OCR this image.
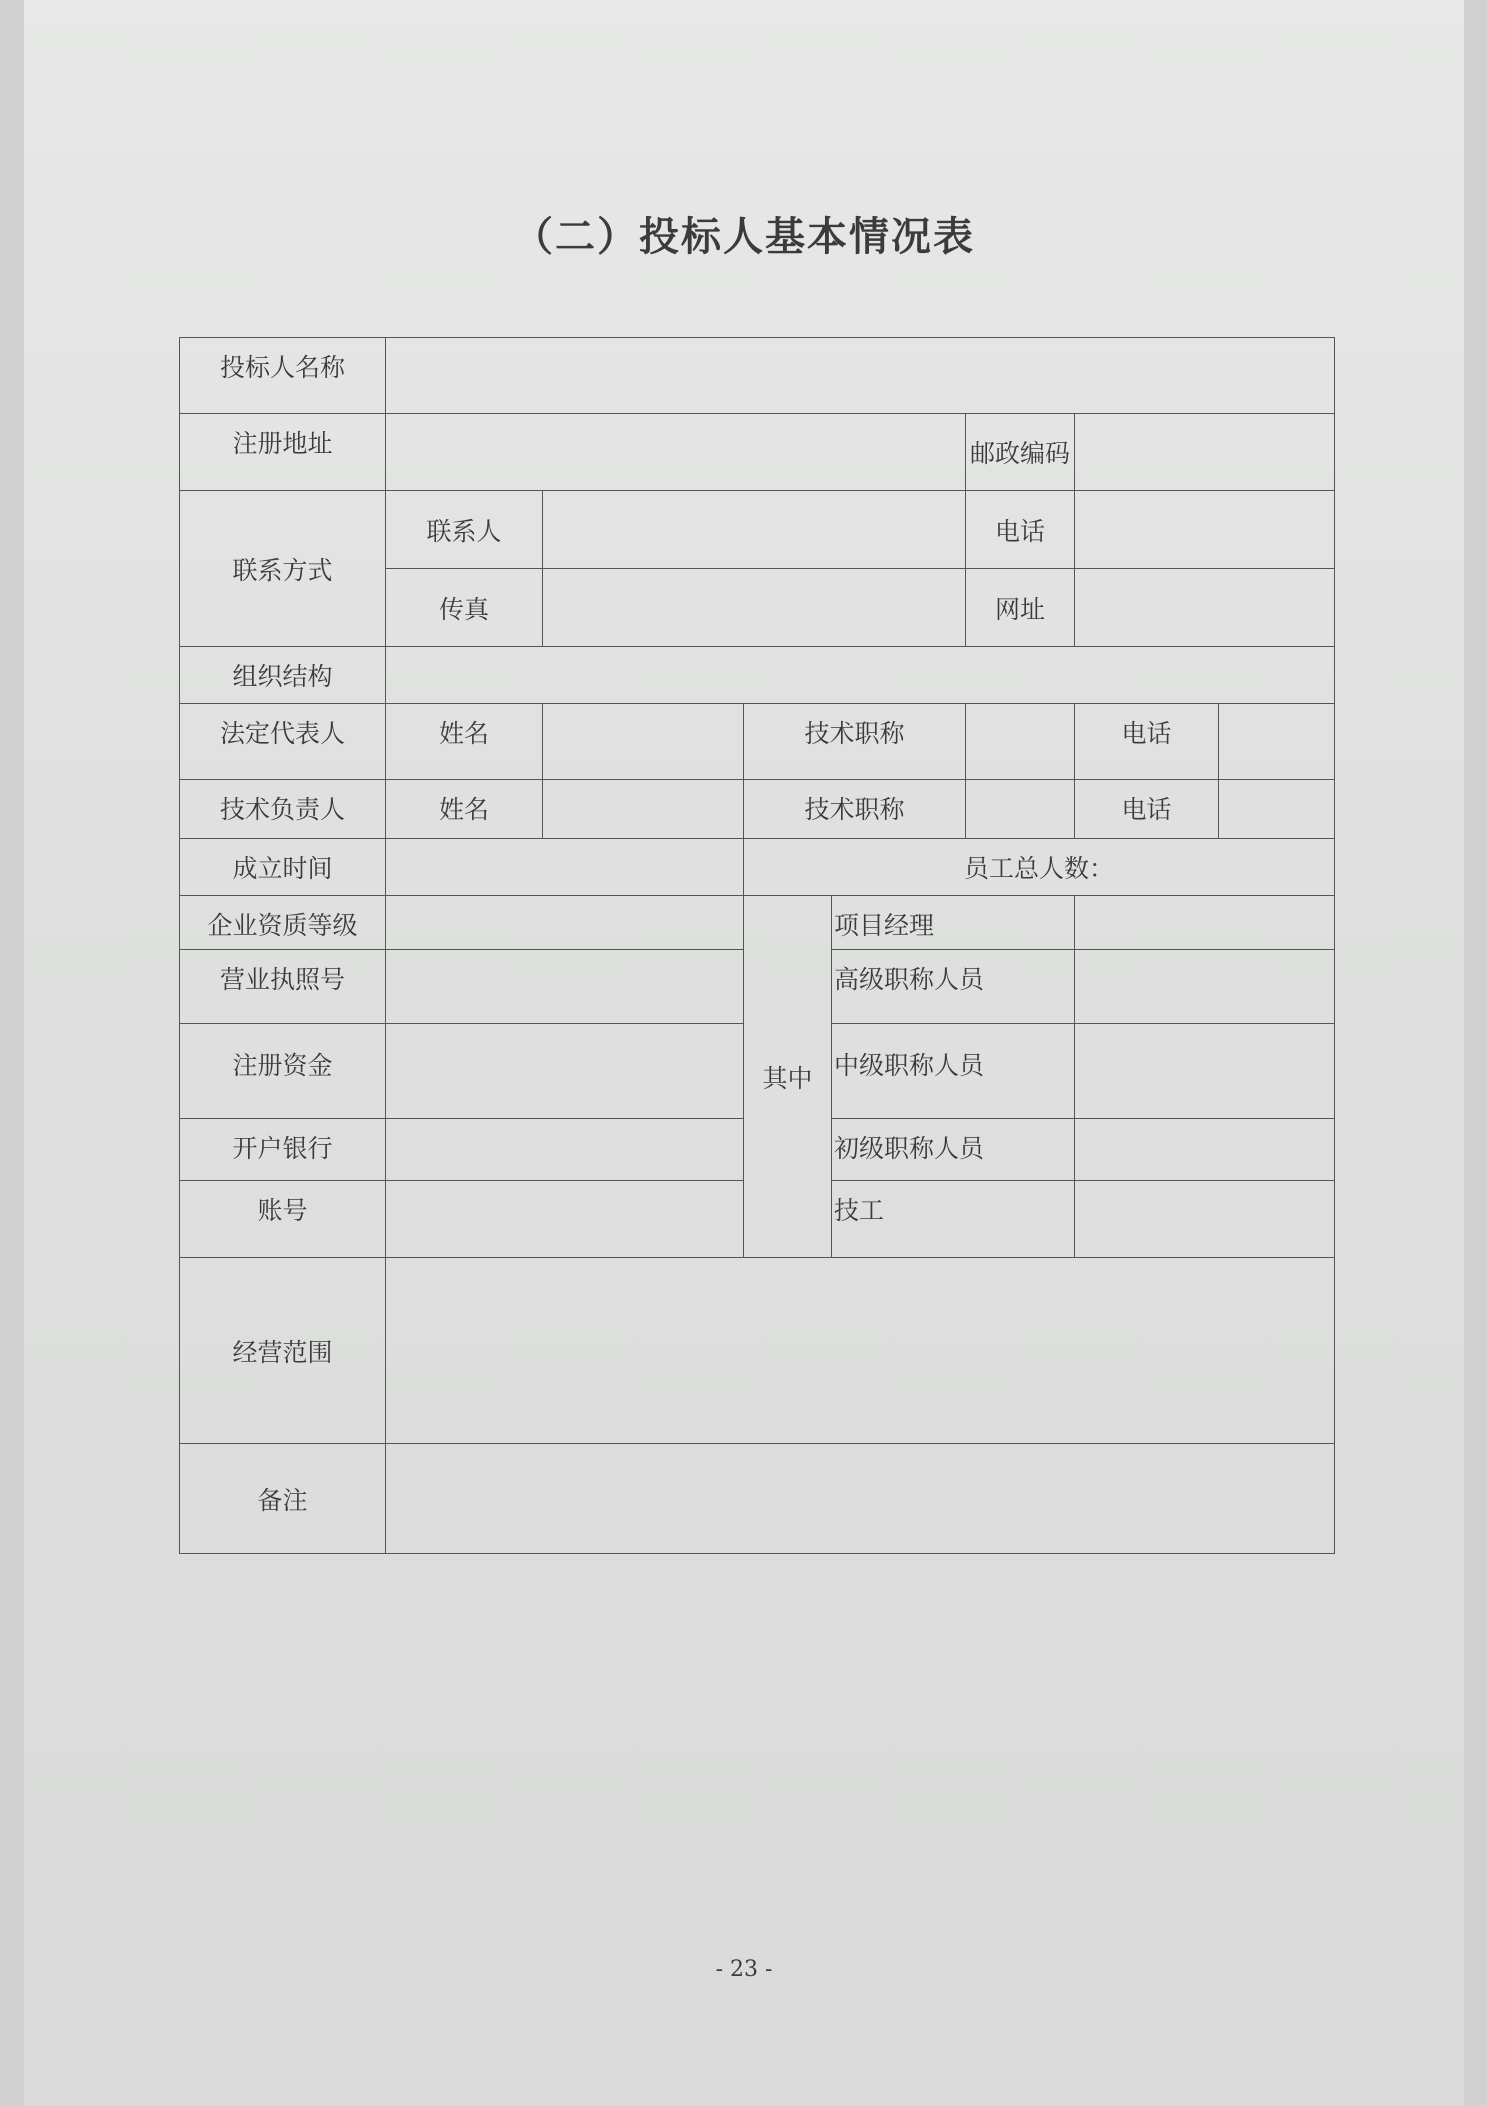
（二）投标人基本情况表
投标人名称							
注册地址					邮政编码		
联系方式	联系人				电话		
	传真				网址		
组织结构							
法定代表人	姓名		技术职称			电话	
技术负责人	姓名		技术职称			电话	
成立时间			员工总人数：				
企业资质等级			其中	项目经理			
营业执照号				高级职称人员			
注册资金				中级职称人员			
开户银行				初级职称人员			
账号				技工			
经营范围							
备注							
- 23 -
